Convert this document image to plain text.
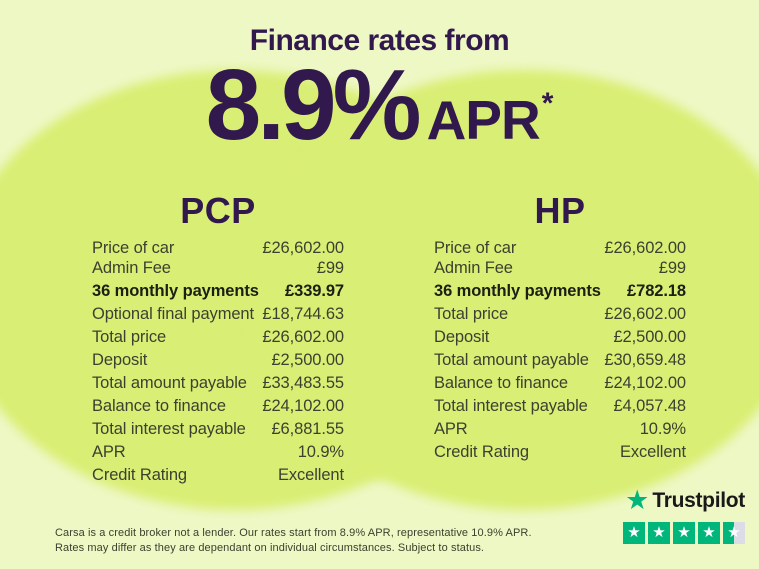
Finance rates from
8.9% APR *
PCP
Price of car	£26,602.00
Admin Fee	£99
36 monthly payments £339.97
Optional final payment £18,744.63
Total price	£26,602.00
Deposit	£2,500.00
Total amount payable £33,483.55
Balance to finance £24,102.00
Total interest payable £6,881.55
APR	10.9%
Credit Rating	Excellent
HP
Price of car	£26,602.00
Admin Fee	£99
36 monthly payments £782.18
Total price	£26,602.00
Deposit	£2,500.00
Total amount payable £30,659.48
Balance to finance £24,102.00
Total interest payable £4,057.48
APR	10.9%
Credit Rating	Excellent
Carsa is a credit broker not a lender. Our rates start from 8.9% APR, representative 10.9% APR.
Rates may differ as they are dependant on individual circumstances. Subject to status.
★ Trustpilot
★ ★ ★ ★ ★
